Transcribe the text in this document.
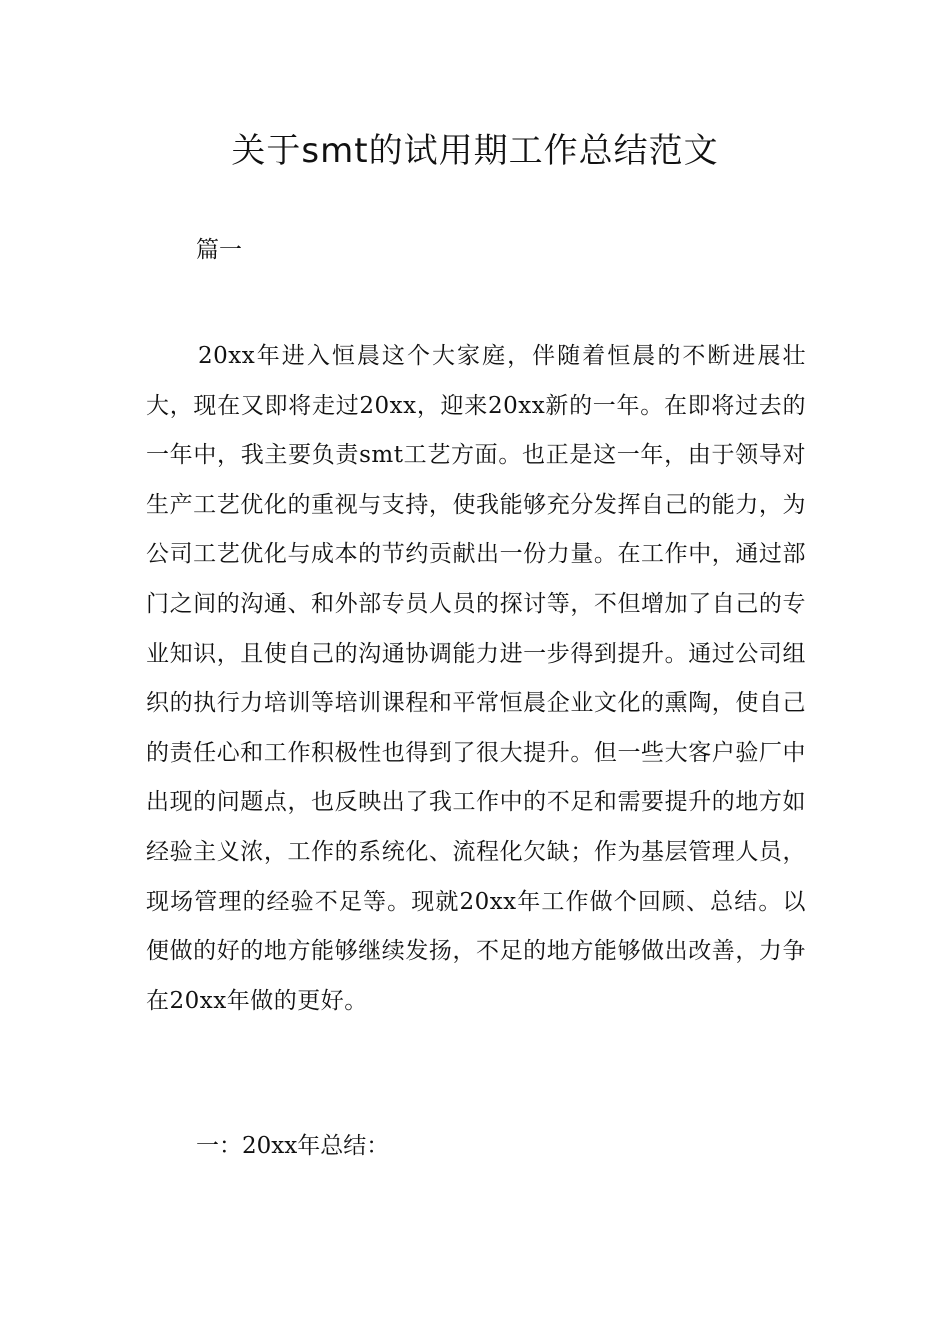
关于smt的试用期工作总结范文

篇一

20xx年进入恒晨这个大家庭，伴随着恒晨的不断进展壮大，现在又即将走过20xx，迎来20xx新的一年。在即将过去的一年中，我主要负责smt工艺方面。也正是这一年，由于领导对生产工艺优化的重视与支持，使我能够充分发挥自己的能力，为公司工艺优化与成本的节约贡献出一份力量。在工作中，通过部门之间的沟通、和外部专员人员的探讨等，不但增加了自己的专业知识，且使自己的沟通协调能力进一步得到提升。通过公司组织的执行力培训等培训课程和平常恒晨企业文化的熏陶，使自己的责任心和工作积极性也得到了很大提升。但一些大客户验厂中出现的问题点，也反映出了我工作中的不足和需要提升的地方如经验主义浓，工作的系统化、流程化欠缺；作为基层管理人员，现场管理的经验不足等。现就20xx年工作做个回顾、总结。以便做的好的地方能够继续发扬，不足的地方能够做出改善，力争在20xx年做的更好。

一：20xx年总结：
